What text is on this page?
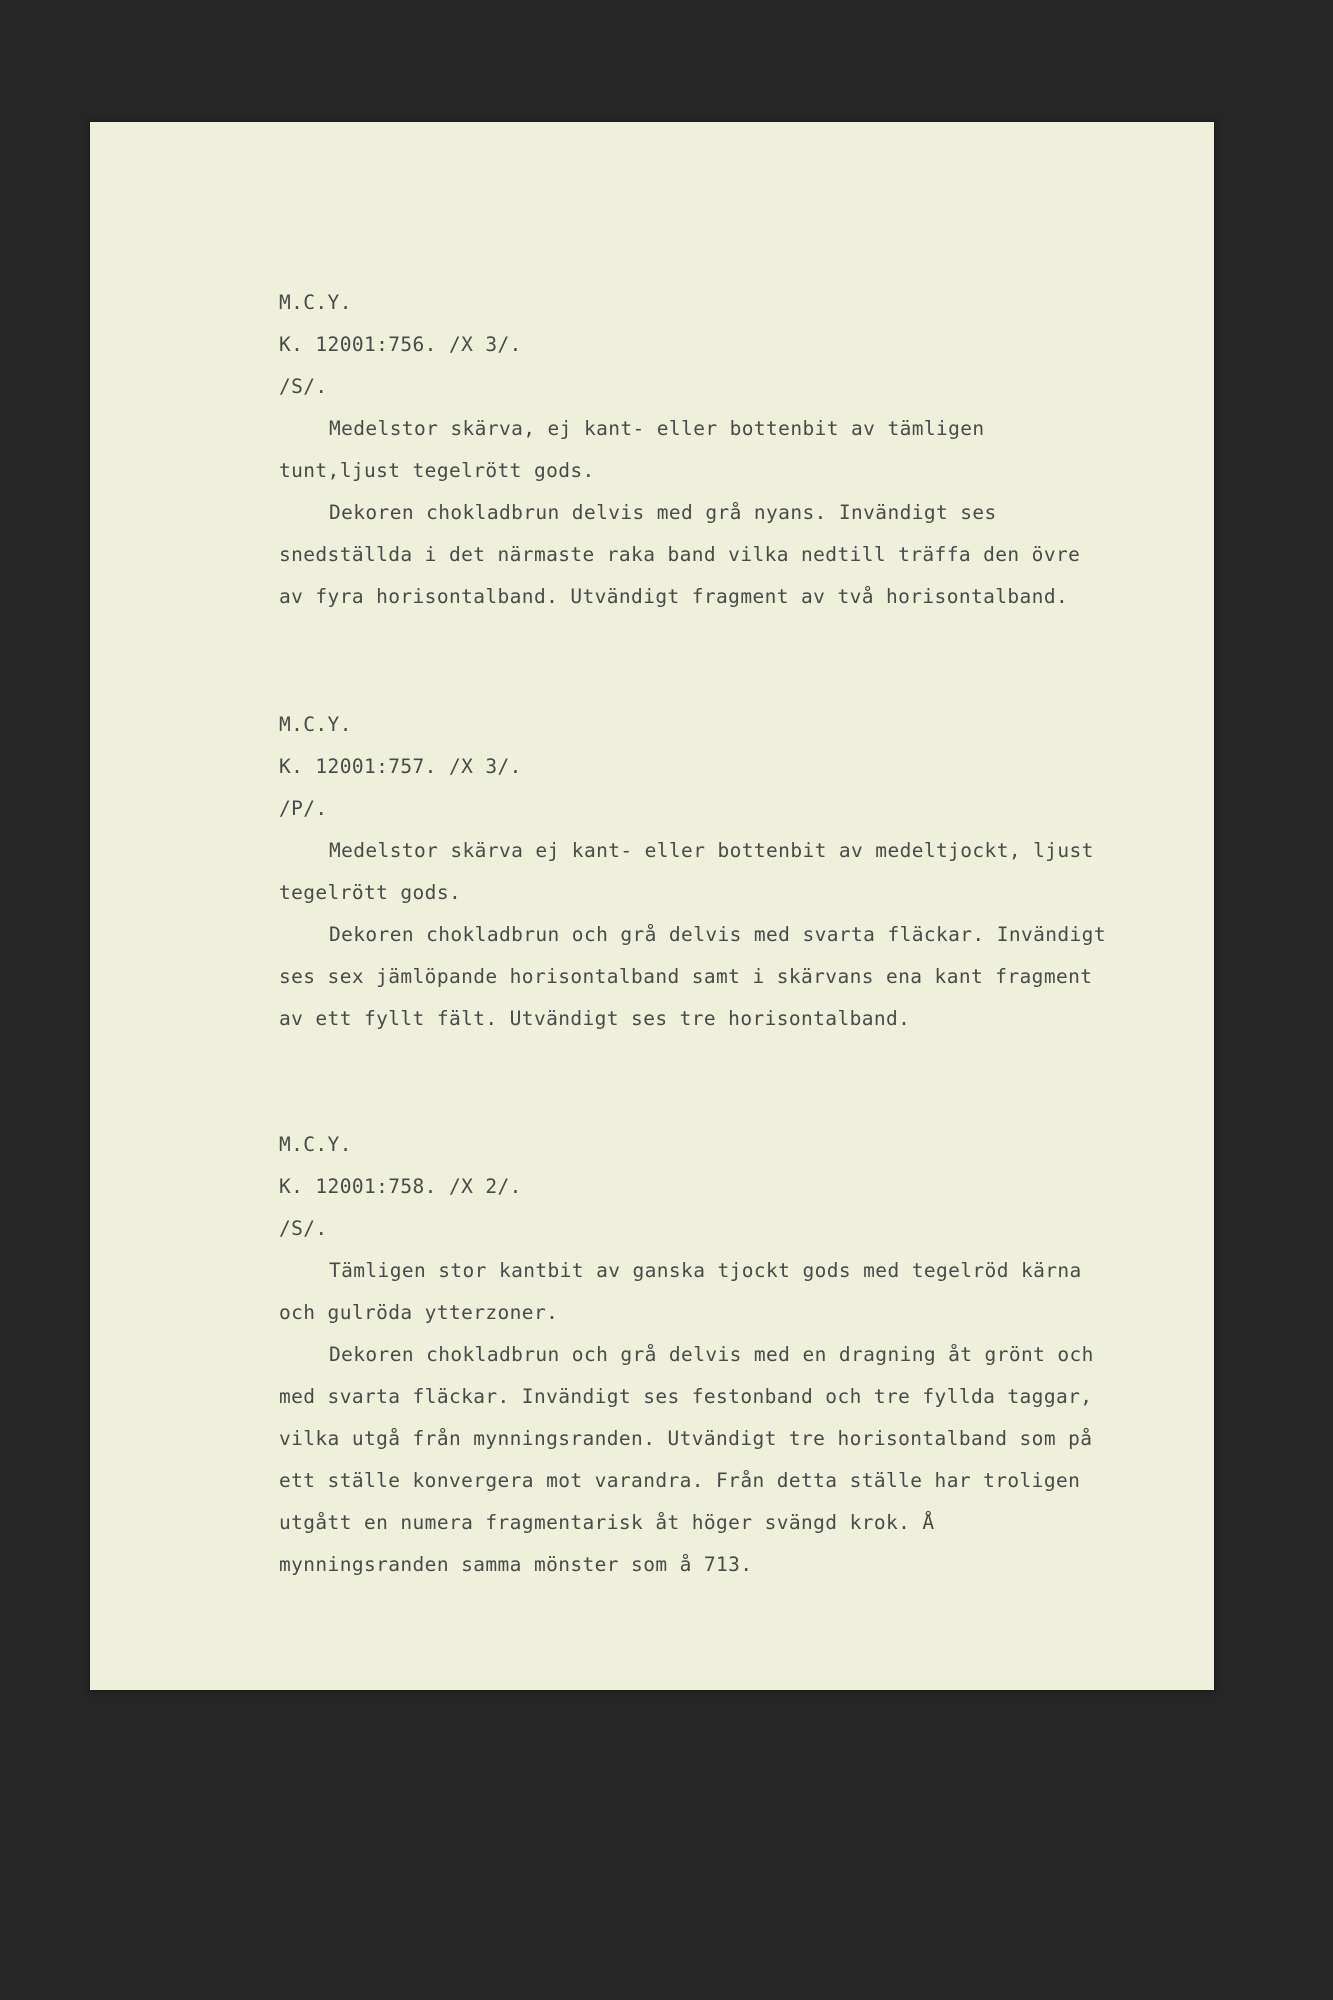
M.C.Y.
K. 12001:756. /X 3/.
/S/.

Medelstor skärva, ej kant- eller bottenbit av tämligen tunt,ljust tegelrött gods.

Dekoren chokladbrun delvis med grå nyans. Invändigt ses snedställda i det närmaste raka band vilka nedtill träffa den övre av fyra horisontalband. Utvändigt fragment av två horisontalband.

M.C.Y.
K. 12001:757. /X 3/.
/P/.

Medelstor skärva ej kant- eller bottenbit av medeltjockt, ljust tegelrött gods.

Dekoren chokladbrun och grå delvis med svarta fläckar. Invändigt ses sex jämlöpande horisontalband samt i skärvans ena kant fragment av ett fyllt fält. Utvändigt ses tre horisontalband.

M.C.Y.
K. 12001:758. /X 2/.
/S/.

Tämligen stor kantbit av ganska tjockt gods med tegelröd kärna och gulröda ytterzoner.

Dekoren chokladbrun och grå delvis med en dragning åt grönt och med svarta fläckar. Invändigt ses festonband och tre fyllda taggar, vilka utgå från mynningsranden. Utvändigt tre horisontalband som på ett ställe konvergera mot varandra. Från detta ställe har troligen utgått en numera fragmentarisk åt höger svängd krok. Å mynningsranden samma mönster som å 713.
